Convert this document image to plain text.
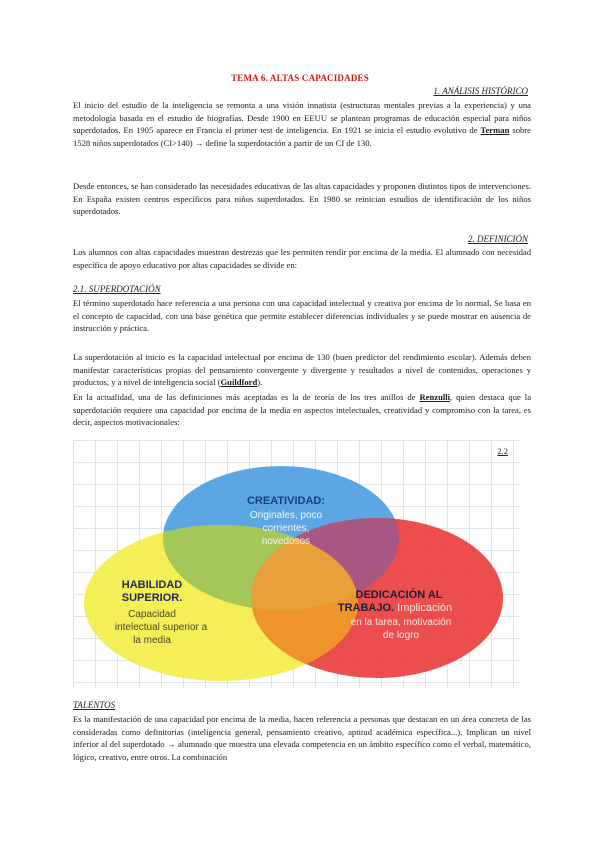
TEMA 6. ALTAS CAPACIDADES
1. ANÁLISIS HISTÓRICO

El inicio del estudio de la inteligencia se remonta a una visión innatista (estructuras mentales previas a la experiencia) y una metodología basada en el estudio de biografías. Desde 1900 en EEUU se plantean programas de educación especial para niños superdotados. En 1905 aparece en Francia el primer test de inteligencia. En 1921 se inicia el estudio evolutivo de Terman sobre 1528 niños superdotados (CI>140) → define la superdotación a partir de un CI de 130.

Desde entonces, se han considerado las necesidades educativas de las altas capacidades y proponen distintos tipos de intervenciones. En España existen centros específicos para niños superdotados. En 1980 se reinician estudios de identificación de los niños superdotados.

2. DEFINICIÓN

Los alumnos con altas capacidades muestran destrezas que les permiten rendir por encima de la media. El alumnado con necesidad específica de apoyo educativo por altas capacidades se divide en:

2.1. SUPERDOTACIÓN

El término superdotado hace referencia a una persona con una capacidad intelectual y creativa por encima de lo normal. Se basa en el concepto de capacidad, con una base genética que permite establecer diferencias individuales y se puede mostrar en ausencia de instrucción y práctica.

La superdotación al inicio es la capacidad intelectual por encima de 130 (buen predictor del rendimiento escolar). Además deben manifestar características propias del pensamiento convergente y divergente y resultados a nivel de contenidos, operaciones y productos, y a nivel de inteligencia social (Guildford).

En la actualidad, una de las definiciones más aceptadas es la de teoría de los tres anillos de Renzulli, quien destaca que la superdotación requiere una capacidad por encima de la media en aspectos intelectuales, creatividad y compromiso con la tarea, es decir, aspectos motivacionales:

CREATIVIDAD:
Originales, poco
corrientes,
novedosos
HABILIDAD
SUPERIOR.
Capacidad
intelectual superior a
la media
DEDICACIÓN AL
TRABAJO. Implicación
en la tarea, motivación
de logro
2.2
TALENTOS

Es la manifestación de una capacidad por encima de la media, hacen referencia a personas que destacan en un área concreta de las consideradas como definitorias (inteligencia general, pensamiento creativo, aptitud académica específica...). Implican un nivel inferior al del superdotado → alumnado que muestra una elevada competencia en un ámbito específico como el verbal, matemático, lógico, creativo, entre otros. La combinación
